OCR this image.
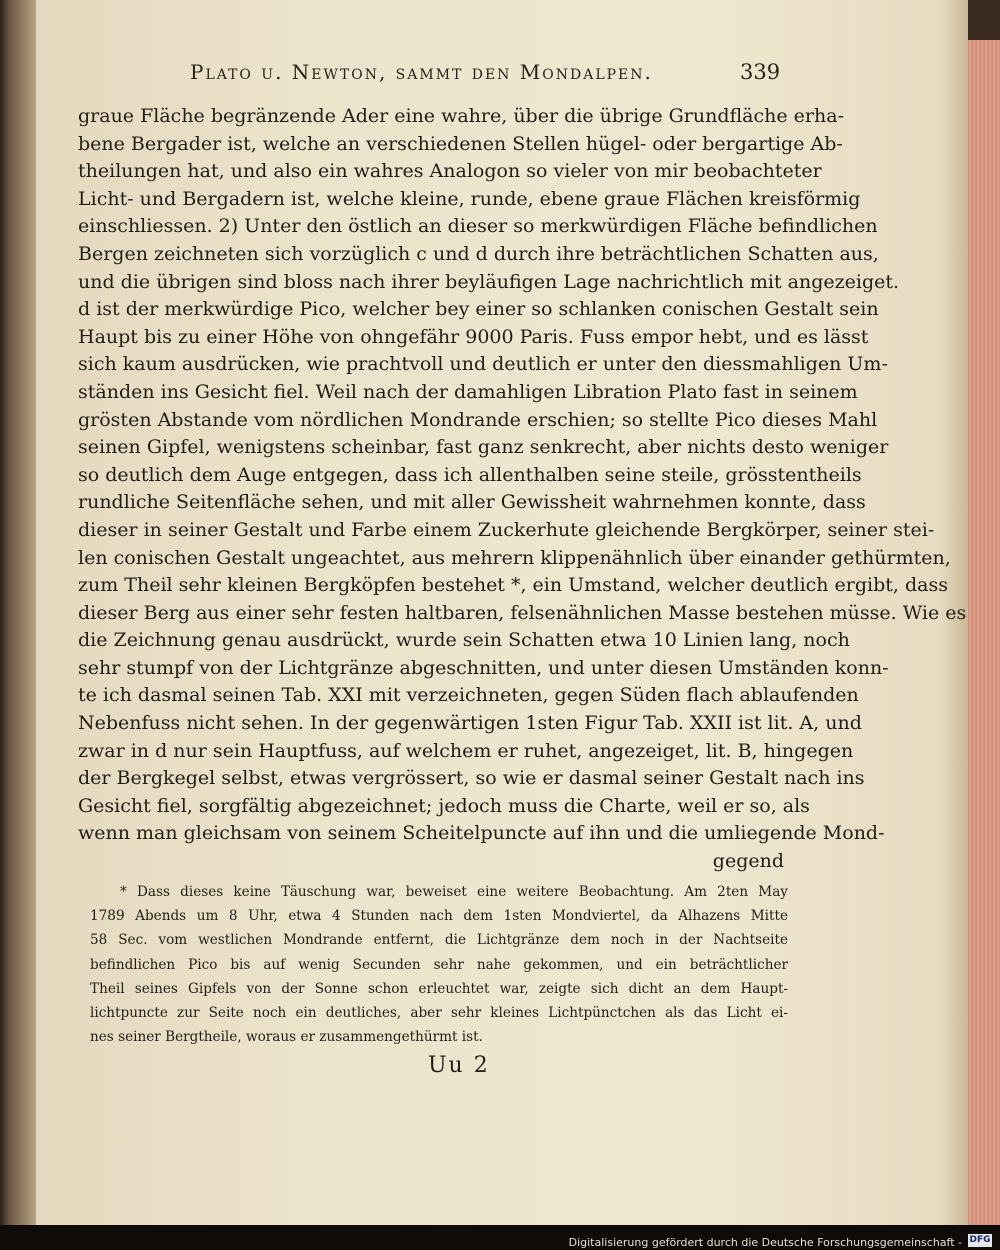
Plato u. Newton, sammt den Mondalpen.	339
graue Fläche begränzende Ader eine wahre, über die übrige Grundfläche erha-
bene Bergader ist, welche an verschiedenen Stellen hügel- oder bergartige Ab-
theilungen hat, und also ein wahres Analogon so vieler von mir beobachteter
Licht- und Bergadern ist, welche kleine, runde, ebene graue Flächen kreisförmig
einschliessen. 2) Unter den östlich an dieser so merkwürdigen Fläche befindlichen
Bergen zeichneten sich vorzüglich c und d durch ihre beträchtlichen Schatten aus,
und die übrigen sind bloss nach ihrer beyläufigen Lage nachrichtlich mit angezeiget.
d ist der merkwürdige Pico, welcher bey einer so schlanken conischen Gestalt sein
Haupt bis zu einer Höhe von ohngefähr 9000 Paris. Fuss empor hebt, und es lässt
sich kaum ausdrücken, wie prachtvoll und deutlich er unter den diessmahligen Um-
ständen ins Gesicht fiel. Weil nach der damahligen Libration Plato fast in seinem
grösten Abstande vom nördlichen Mondrande erschien; so stellte Pico dieses Mahl
seinen Gipfel, wenigstens scheinbar, fast ganz senkrecht, aber nichts desto weniger
so deutlich dem Auge entgegen, dass ich allenthalben seine steile, grösstentheils
rundliche Seitenfläche sehen, und mit aller Gewissheit wahrnehmen konnte, dass
dieser in seiner Gestalt und Farbe einem Zuckerhute gleichende Bergkörper, seiner stei-
len conischen Gestalt ungeachtet, aus mehrern klippenähnlich über einander gethürmten,
zum Theil sehr kleinen Bergköpfen bestehet *, ein Umstand, welcher deutlich ergibt, dass
dieser Berg aus einer sehr festen haltbaren, felsenähnlichen Masse bestehen müsse. Wie es
die Zeichnung genau ausdrückt, wurde sein Schatten etwa 10 Linien lang, noch
sehr stumpf von der Lichtgränze abgeschnitten, und unter diesen Umständen konn-
te ich dasmal seinen Tab. XXI mit verzeichneten, gegen Süden flach ablaufenden
Nebenfuss nicht sehen. In der gegenwärtigen 1sten Figur Tab. XXII ist lit. A, und
zwar in d nur sein Hauptfuss, auf welchem er ruhet, angezeiget, lit. B, hingegen
der Bergkegel selbst, etwas vergrössert, so wie er dasmal seiner Gestalt nach ins
Gesicht fiel, sorgfältig abgezeichnet; jedoch muss die Charte, weil er so, als
wenn man gleichsam von seinem Scheitelpuncte auf ihn und die umliegende Mond-
gegend
* Dass dieses keine Täuschung war, beweiset eine weitere Beobachtung. Am 2ten May
1789 Abends um 8 Uhr, etwa 4 Stunden nach dem 1sten Mondviertel, da Alhazens Mitte
58 Sec. vom westlichen Mondrande entfernt, die Lichtgränze dem noch in der Nachtseite
befindlichen Pico bis auf wenig Secunden sehr nahe gekommen, und ein beträchtlicher
Theil seines Gipfels von der Sonne schon erleuchtet war, zeigte sich dicht an dem Haupt-
lichtpuncte zur Seite noch ein deutliches, aber sehr kleines Lichtpünctchen als das Licht ei-
nes seiner Bergtheile, woraus er zusammengethürmt ist.
Uu 2
Digitalisierung gefördert durch die Deutsche Forschungsgemeinschaft - DFG
